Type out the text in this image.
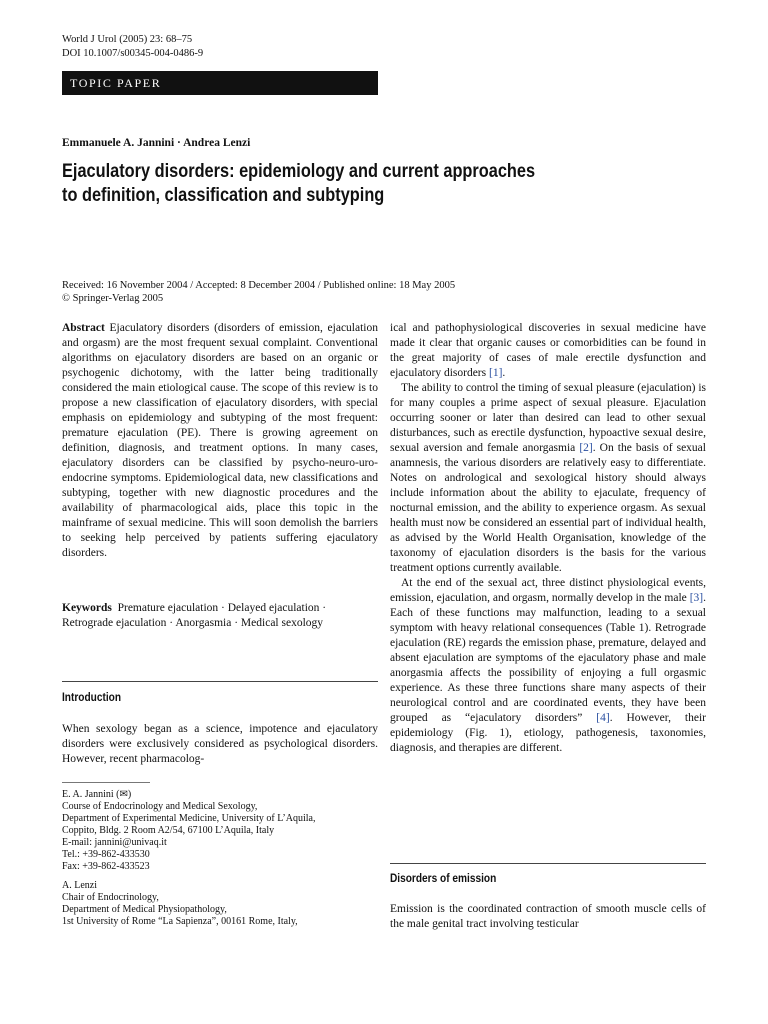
World J Urol (2005) 23: 68–75
DOI 10.1007/s00345-004-0486-9
TOPIC PAPER
Emmanuele A. Jannini · Andrea Lenzi
Ejaculatory disorders: epidemiology and current approaches
to definition, classification and subtyping
Received: 16 November 2004 / Accepted: 8 December 2004 / Published online: 18 May 2005
© Springer-Verlag 2005

Abstract Ejaculatory disorders (disorders of emission, ejaculation and orgasm) are the most frequent sexual complaint. Conventional algorithms on ejaculatory disorders are based on an organic or psychogenic dichotomy, with the latter being traditionally considered the main etiological cause. The scope of this review is to propose a new classification of ejaculatory disorders, with special emphasis on epidemiology and subtyping of the most frequent: premature ejaculation (PE). There is growing agreement on definition, diagnosis, and treatment options. In many cases, ejaculatory disorders can be classified by psycho-neuro-uro-endocrine symptoms. Epidemiological data, new classifications and subtyping, together with new diagnostic procedures and the availability of pharmacological aids, place this topic in the mainframe of sexual medicine. This will soon demolish the barriers to seeking help perceived by patients suffering ejaculatory disorders.

Keywords Premature ejaculation · Delayed ejaculation · Retrograde ejaculation · Anorgasmia · Medical sexology
Introduction
When sexology began as a science, impotence and ejaculatory disorders were exclusively considered as psychological disorders. However, recent pharmacolog-
E. A. Jannini (✉)
Course of Endocrinology and Medical Sexology,
Department of Experimental Medicine, University of L’Aquila,
Coppito, Bldg. 2 Room A2/54, 67100 L’Aquila, Italy
E-mail: jannini@univaq.it
Tel.: +39-862-433530
Fax: +39-862-433523
A. Lenzi
Chair of Endocrinology,
Department of Medical Physiopathology,
1st University of Rome “La Sapienza”, 00161 Rome, Italy,

ical and pathophysiological discoveries in sexual medicine have made it clear that organic causes or comorbidities can be found in the great majority of cases of male erectile dysfunction and ejaculatory disorders [1].

The ability to control the timing of sexual pleasure (ejaculation) is for many couples a prime aspect of sexual pleasure. Ejaculation occurring sooner or later than desired can lead to other sexual disturbances, such as erectile dysfunction, hypoactive sexual desire, sexual aversion and female anorgasmia [2]. On the basis of sexual anamnesis, the various disorders are relatively easy to differentiate. Notes on andrological and sexological history should always include information about the ability to ejaculate, frequency of nocturnal emission, and the ability to experience orgasm. As sexual health must now be considered an essential part of individual health, as advised by the World Health Organisation, knowledge of the taxonomy of ejaculation disorders is the basis for the various treatment options currently available.

At the end of the sexual act, three distinct physiological events, emission, ejaculation, and orgasm, normally develop in the male [3]. Each of these functions may malfunction, leading to a sexual symptom with heavy relational consequences (Table 1). Retrograde ejaculation (RE) regards the emission phase, premature, delayed and absent ejaculation are symptoms of the ejaculatory phase and male anorgasmia affects the possibility of enjoying a full orgasmic experience. As these three functions share many aspects of their neurological control and are coordinated events, they have been grouped as “ejaculatory disorders” [4]. However, their epidemiology (Fig. 1), etiology, pathogenesis, taxonomies, diagnosis, and therapies are different.

Disorders of emission
Emission is the coordinated contraction of smooth muscle cells of the male genital tract involving testicular
